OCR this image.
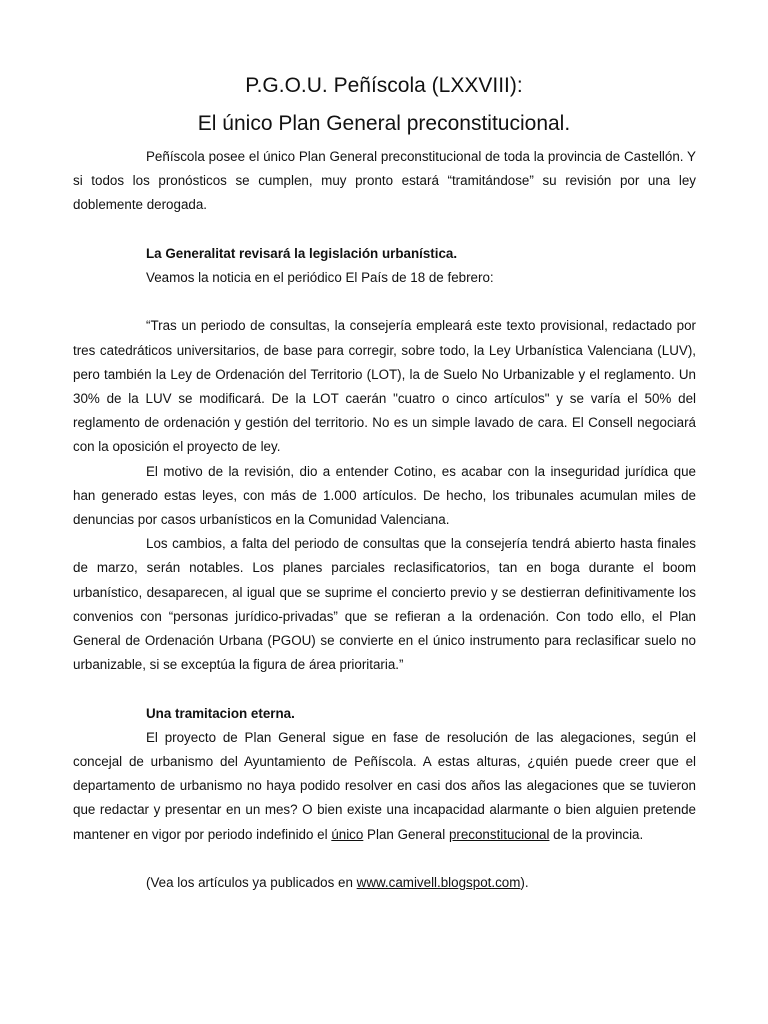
P.G.O.U. Peñíscola (LXXVIII):
El único Plan General preconstitucional.

Peñíscola posee el único Plan General preconstitucional de toda la provincia de Castellón. Y si todos los pronósticos se cumplen, muy pronto estará “tramitándose” su revisión por una ley doblemente derogada.

La Generalitat revisará la legislación urbanística.

Veamos la noticia en el periódico El País de 18 de febrero:

“Tras un periodo de consultas, la consejería empleará este texto provisional, redactado por tres catedráticos universitarios, de base para corregir, sobre todo, la Ley Urbanística Valenciana (LUV), pero también la Ley de Ordenación del Territorio (LOT), la de Suelo No Urbanizable y el reglamento. Un 30% de la LUV se modificará. De la LOT caerán "cuatro o cinco artículos" y se varía el 50% del reglamento de ordenación y gestión del territorio. No es un simple lavado de cara. El Consell negociará con la oposición el proyecto de ley.

El motivo de la revisión, dio a entender Cotino, es acabar con la inseguridad jurídica que han generado estas leyes, con más de 1.000 artículos. De hecho, los tribunales acumulan miles de denuncias por casos urbanísticos en la Comunidad Valenciana.

Los cambios, a falta del periodo de consultas que la consejería tendrá abierto hasta finales de marzo, serán notables. Los planes parciales reclasificatorios, tan en boga durante el boom urbanístico, desaparecen, al igual que se suprime el concierto previo y se destierran definitivamente los convenios con “personas jurídico-privadas” que se refieran a la ordenación. Con todo ello, el Plan General de Ordenación Urbana (PGOU) se convierte en el único instrumento para reclasificar suelo no urbanizable, si se exceptúa la figura de área prioritaria.”

Una tramitacion eterna.

El proyecto de Plan General sigue en fase de resolución de las alegaciones, según el concejal de urbanismo del Ayuntamiento de Peñíscola. A estas alturas, ¿quién puede creer que el departamento de urbanismo no haya podido resolver en casi dos años las alegaciones que se tuvieron que redactar y presentar en un mes? O bien existe una incapacidad alarmante o bien alguien pretende mantener en vigor por periodo indefinido el único Plan General preconstitucional de la provincia.

(Vea los artículos ya publicados en www.camivell.blogspot.com).
